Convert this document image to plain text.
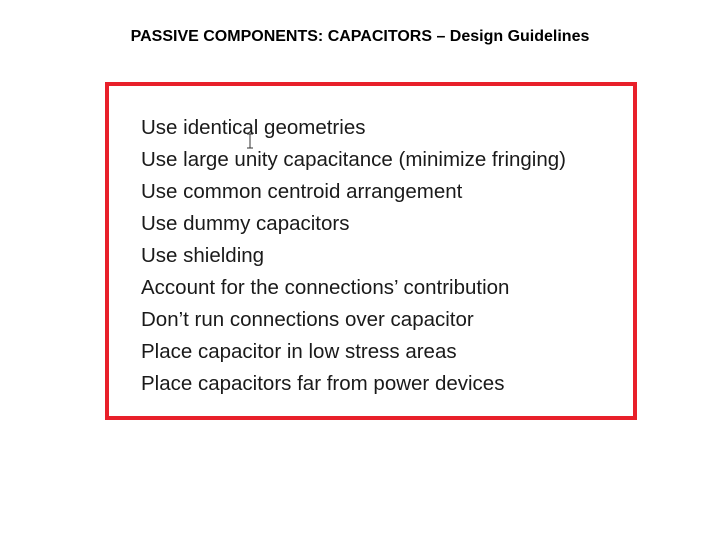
PASSIVE COMPONENTS: CAPACITORS – Design Guidelines
Use identical geometries
Use large unity capacitance (minimize fringing)
Use common centroid arrangement
Use dummy capacitors
Use shielding
Account for the connections’ contribution
Don’t run connections over capacitor
Place capacitor in low stress areas
Place capacitors far from power devices
